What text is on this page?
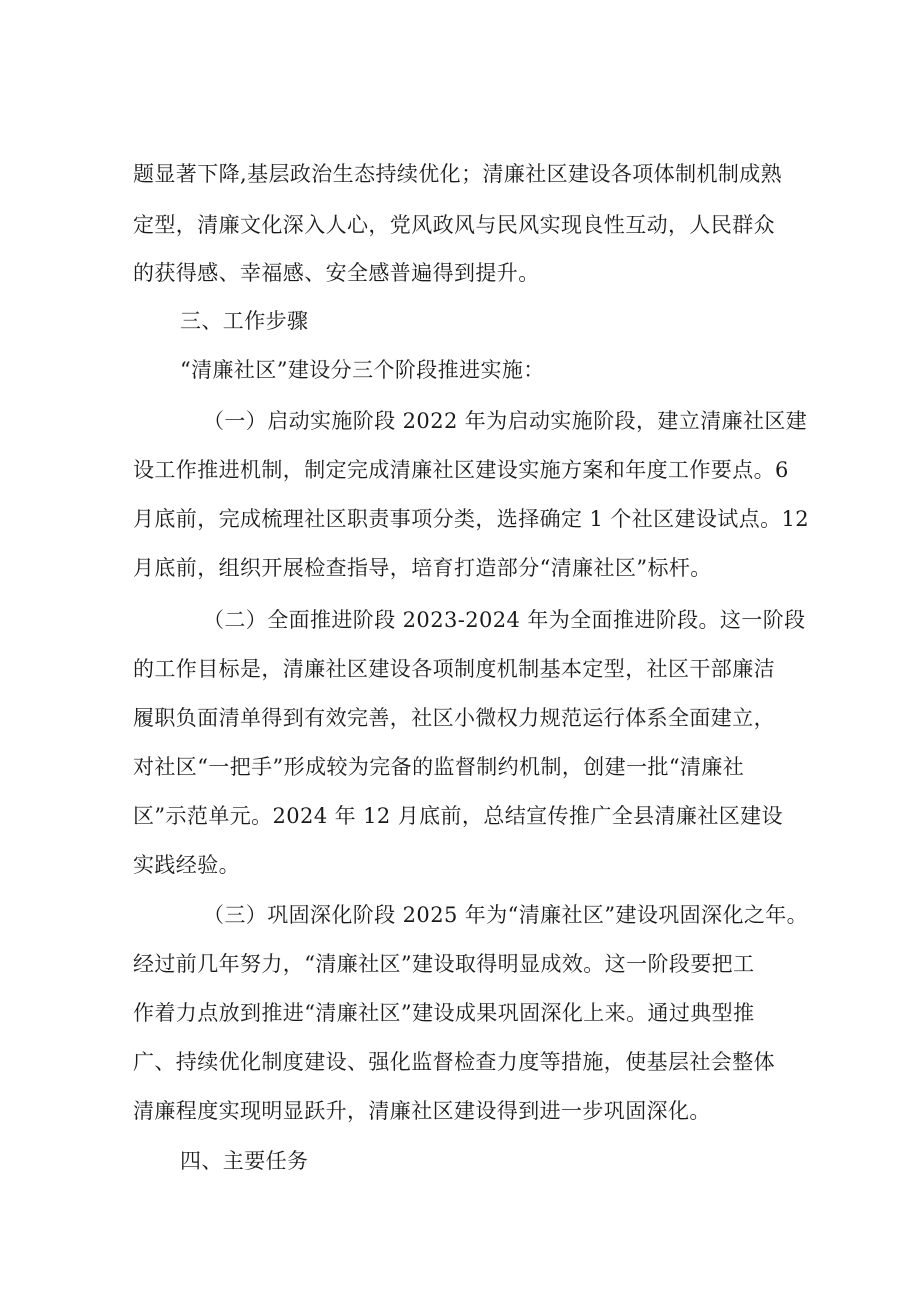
题显著下降,基层政治生态持续优化；清廉社区建设各项体制机制成熟
定型，清廉文化深入人心，党风政风与民风实现良性互动，人民群众
的获得感、幸福感、安全感普遍得到提升。
三、工作步骤
“清廉社区”建设分三个阶段推进实施：
（一）启动实施阶段 2022 年为启动实施阶段，建立清廉社区建
设工作推进机制，制定完成清廉社区建设实施方案和年度工作要点。6
月底前，完成梳理社区职责事项分类，选择确定 1 个社区建设试点。12
月底前，组织开展检查指导，培育打造部分“清廉社区”标杆。
（二）全面推进阶段 2023-2024 年为全面推进阶段。这一阶段
的工作目标是，清廉社区建设各项制度机制基本定型，社区干部廉洁
履职负面清单得到有效完善，社区小微权力规范运行体系全面建立，
对社区“一把手”形成较为完备的监督制约机制，创建一批“清廉社
区”示范单元。2024 年 12 月底前，总结宣传推广全县清廉社区建设
实践经验。
（三）巩固深化阶段 2025 年为“清廉社区”建设巩固深化之年。
经过前几年努力，“清廉社区”建设取得明显成效。这一阶段要把工
作着力点放到推进“清廉社区”建设成果巩固深化上来。通过典型推
广、持续优化制度建设、强化监督检查力度等措施，使基层社会整体
清廉程度实现明显跃升，清廉社区建设得到进一步巩固深化。
四、主要任务
